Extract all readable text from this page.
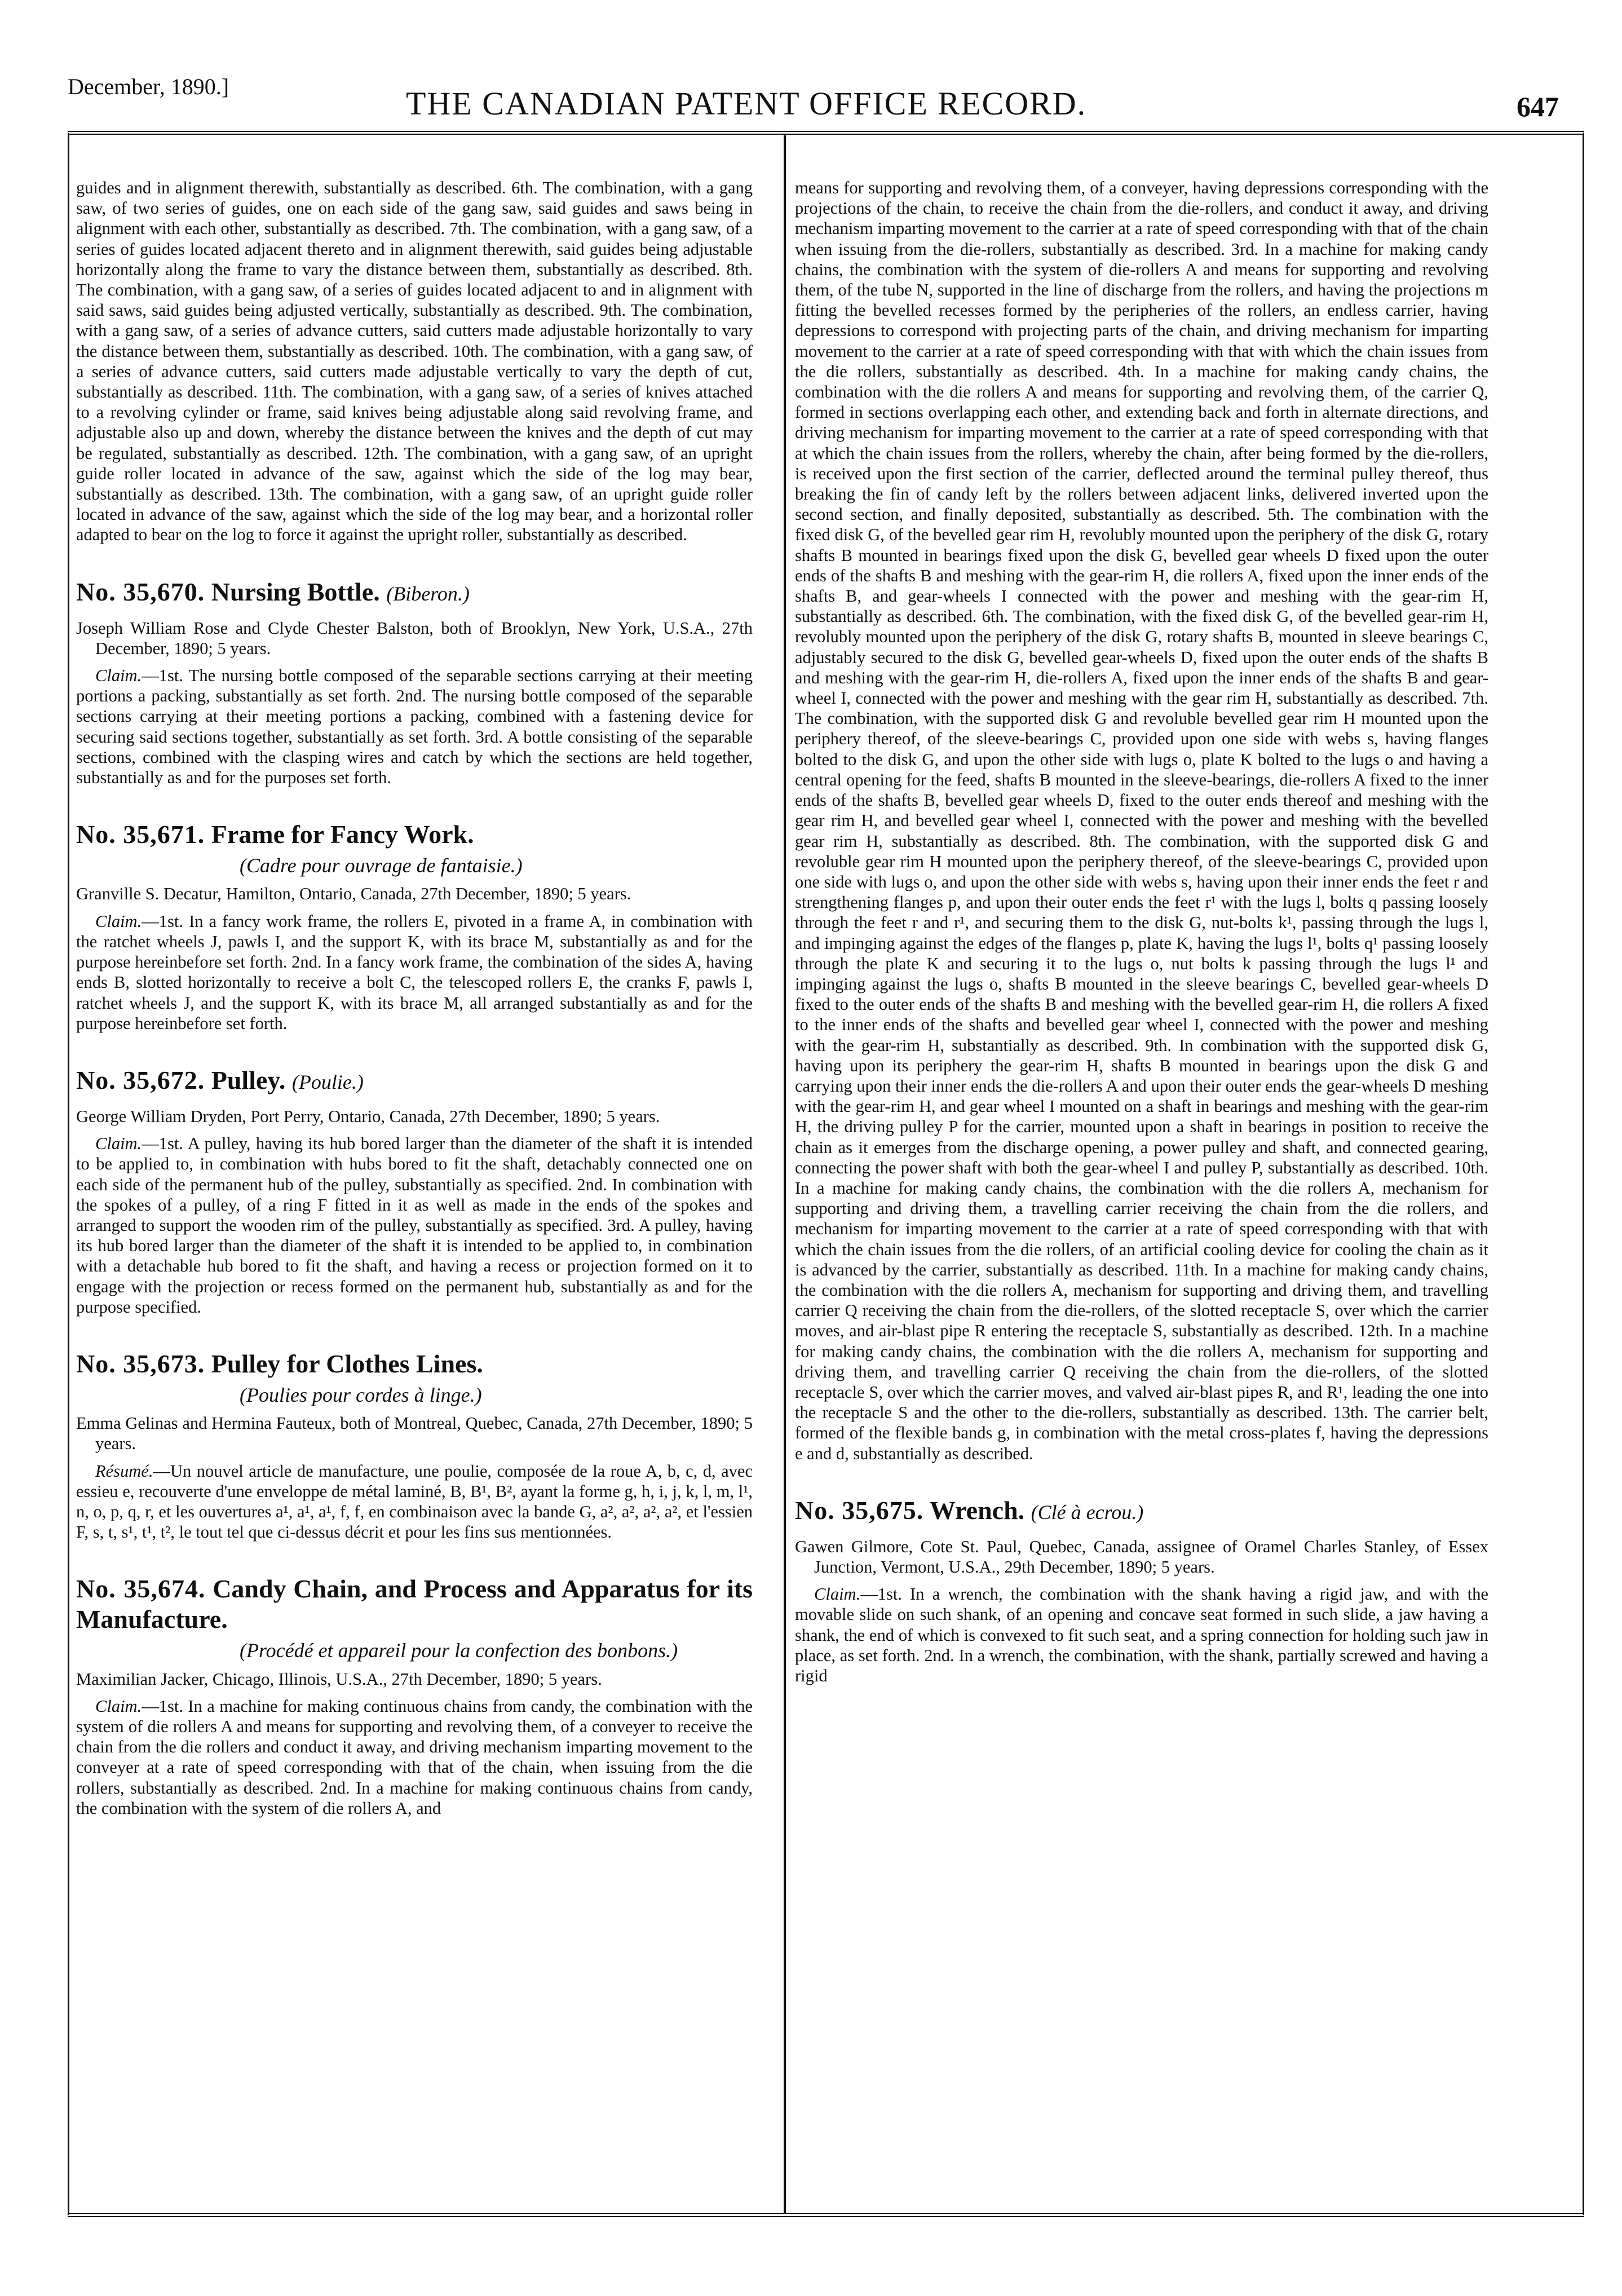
December, 1890.]	THE CANADIAN PATENT OFFICE RECORD.	647

guides and in alignment therewith, substantially as described. 6th. The combination, with a gang saw, of two series of guides, one on each side of the gang saw, said guides and saws being in alignment with each other, substantially as described. 7th. The combination, with a gang saw, of a series of guides located adjacent thereto and in alignment therewith, said guides being adjustable horizontally along the frame to vary the distance between them, substantially as described. 8th. The combination, with a gang saw, of a series of guides located adjacent to and in alignment with said saws, said guides being adjusted vertically, substantially as described. 9th. The combination, with a gang saw, of a series of advance cutters, said cutters made adjustable horizontally to vary the distance between them, substantially as described. 10th. The combination, with a gang saw, of a series of advance cutters, said cutters made adjustable vertically to vary the depth of cut, substantially as described. 11th. The combination, with a gang saw, of a series of knives attached to a revolving cylinder or frame, said knives being adjustable along said revolving frame, and adjustable also up and down, whereby the distance between the knives and the depth of cut may be regulated, substantially as described. 12th. The combination, with a gang saw, of an upright guide roller located in advance of the saw, against which the side of the log may bear, substantially as described. 13th. The combination, with a gang saw, of an upright guide roller located in advance of the saw, against which the side of the log may bear, and a horizontal roller adapted to bear on the log to force it against the upright roller, substantially as described.

No. 35,670. Nursing Bottle. (Biberon.)

Joseph William Rose and Clyde Chester Balston, both of Brooklyn, New York, U.S.A., 27th December, 1890; 5 years.

Claim.—1st. The nursing bottle composed of the separable sections carrying at their meeting portions a packing, substantially as set forth. 2nd. The nursing bottle composed of the separable sections carrying at their meeting portions a packing, combined with a fastening device for securing said sections together, substantially as set forth. 3rd. A bottle consisting of the separable sections, combined with the clasping wires and catch by which the sections are held together, substantially as and for the purposes set forth.

No. 35,671. Frame for Fancy Work.
(Cadre pour ouvrage de fantaisie.)

Granville S. Decatur, Hamilton, Ontario, Canada, 27th December, 1890; 5 years.

Claim.—1st. In a fancy work frame, the rollers E, pivoted in a frame A, in combination with the ratchet wheels J, pawls I, and the support K, with its brace M, substantially as and for the purpose hereinbefore set forth. 2nd. In a fancy work frame, the combination of the sides A, having ends B, slotted horizontally to receive a bolt C, the telescoped rollers E, the cranks F, pawls I, ratchet wheels J, and the support K, with its brace M, all arranged substantially as and for the purpose hereinbefore set forth.

No. 35,672. Pulley. (Poulie.)

George William Dryden, Port Perry, Ontario, Canada, 27th December, 1890; 5 years.

Claim.—1st. A pulley, having its hub bored larger than the diameter of the shaft it is intended to be applied to, in combination with hubs bored to fit the shaft, detachably connected one on each side of the permanent hub of the pulley, substantially as specified. 2nd. In combination with the spokes of a pulley, of a ring F fitted in it as well as made in the ends of the spokes and arranged to support the wooden rim of the pulley, substantially as specified. 3rd. A pulley, having its hub bored larger than the diameter of the shaft it is intended to be applied to, in combination with a detachable hub bored to fit the shaft, and having a recess or projection formed on it to engage with the projection or recess formed on the permanent hub, substantially as and for the purpose specified.

No. 35,673. Pulley for Clothes Lines.
(Poulies pour cordes à linge.)

Emma Gelinas and Hermina Fauteux, both of Montreal, Quebec, Canada, 27th December, 1890; 5 years.

Résumé.—Un nouvel article de manufacture, une poulie, composée de la roue A, b, c, d, avec essieu e, recouverte d'une enveloppe de métal laminé, B, B¹, B², ayant la forme g, h, i, j, k, l, m, l¹, n, o, p, q, r, et les ouvertures a¹, a¹, a¹, f, f, en combinaison avec la bande G, a², a², a², a², et l'essien F, s, t, s¹, t¹, t², le tout tel que ci-dessus décrit et pour les fins sus mentionnées.

No. 35,674. Candy Chain, and Process and Apparatus for its Manufacture.
(Procédé et appareil pour la confection des bonbons.)

Maximilian Jacker, Chicago, Illinois, U.S.A., 27th December, 1890; 5 years.

Claim.—1st. In a machine for making continuous chains from candy, the combination with the system of die rollers A and means for supporting and revolving them, of a conveyer to receive the chain from the die rollers and conduct it away, and driving mechanism imparting movement to the conveyer at a rate of speed corresponding with that of the chain, when issuing from the die rollers, substantially as described. 2nd. In a machine for making continuous chains from candy, the combination with the system of die rollers A, and

means for supporting and revolving them, of a conveyer, having depressions corresponding with the projections of the chain, to receive the chain from the die-rollers, and conduct it away, and driving mechanism imparting movement to the carrier at a rate of speed corresponding with that of the chain when issuing from the die-rollers, substantially as described. 3rd. In a machine for making candy chains, the combination with the system of die-rollers A and means for supporting and revolving them, of the tube N, supported in the line of discharge from the rollers, and having the projections m fitting the bevelled recesses formed by the peripheries of the rollers, an endless carrier, having depressions to correspond with projecting parts of the chain, and driving mechanism for imparting movement to the carrier at a rate of speed corresponding with that with which the chain issues from the die rollers, substantially as described. 4th. In a machine for making candy chains, the combination with the die rollers A and means for supporting and revolving them, of the carrier Q, formed in sections overlapping each other, and extending back and forth in alternate directions, and driving mechanism for imparting movement to the carrier at a rate of speed corresponding with that at which the chain issues from the rollers, whereby the chain, after being formed by the die-rollers, is received upon the first section of the carrier, deflected around the terminal pulley thereof, thus breaking the fin of candy left by the rollers between adjacent links, delivered inverted upon the second section, and finally deposited, substantially as described. 5th. The combination with the fixed disk G, of the bevelled gear rim H, revolubly mounted upon the periphery of the disk G, rotary shafts B mounted in bearings fixed upon the disk G, bevelled gear wheels D fixed upon the outer ends of the shafts B and meshing with the gear-rim H, die rollers A, fixed upon the inner ends of the shafts B, and gear-wheels I connected with the power and meshing with the gear-rim H, substantially as described. 6th. The combination, with the fixed disk G, of the bevelled gear-rim H, revolubly mounted upon the periphery of the disk G, rotary shafts B, mounted in sleeve bearings C, adjustably secured to the disk G, bevelled gear-wheels D, fixed upon the outer ends of the shafts B and meshing with the gear-rim H, die-rollers A, fixed upon the inner ends of the shafts B and gear-wheel I, connected with the power and meshing with the gear rim H, substantially as described. 7th. The combination, with the supported disk G and revoluble bevelled gear rim H mounted upon the periphery thereof, of the sleeve-bearings C, provided upon one side with webs s, having flanges bolted to the disk G, and upon the other side with lugs o, plate K bolted to the lugs o and having a central opening for the feed, shafts B mounted in the sleeve-bearings, die-rollers A fixed to the inner ends of the shafts B, bevelled gear wheels D, fixed to the outer ends thereof and meshing with the gear rim H, and bevelled gear wheel I, connected with the power and meshing with the bevelled gear rim H, substantially as described. 8th. The combination, with the supported disk G and revoluble gear rim H mounted upon the periphery thereof, of the sleeve-bearings C, provided upon one side with lugs o, and upon the other side with webs s, having upon their inner ends the feet r and strengthening flanges p, and upon their outer ends the feet r¹ with the lugs l, bolts q passing loosely through the feet r and r¹, and securing them to the disk G, nut-bolts k¹, passing through the lugs l, and impinging against the edges of the flanges p, plate K, having the lugs l¹, bolts q¹ passing loosely through the plate K and securing it to the lugs o, nut bolts k passing through the lugs l¹ and impinging against the lugs o, shafts B mounted in the sleeve bearings C, bevelled gear-wheels D fixed to the outer ends of the shafts B and meshing with the bevelled gear-rim H, die rollers A fixed to the inner ends of the shafts and bevelled gear wheel I, connected with the power and meshing with the gear-rim H, substantially as described. 9th. In combination with the supported disk G, having upon its periphery the gear-rim H, shafts B mounted in bearings upon the disk G and carrying upon their inner ends the die-rollers A and upon their outer ends the gear-wheels D meshing with the gear-rim H, and gear wheel I mounted on a shaft in bearings and meshing with the gear-rim H, the driving pulley P for the carrier, mounted upon a shaft in bearings in position to receive the chain as it emerges from the discharge opening, a power pulley and shaft, and connected gearing, connecting the power shaft with both the gear-wheel I and pulley P, substantially as described. 10th. In a machine for making candy chains, the combination with the die rollers A, mechanism for supporting and driving them, a travelling carrier receiving the chain from the die rollers, and mechanism for imparting movement to the carrier at a rate of speed corresponding with that with which the chain issues from the die rollers, of an artificial cooling device for cooling the chain as it is advanced by the carrier, substantially as described. 11th. In a machine for making candy chains, the combination with the die rollers A, mechanism for supporting and driving them, and travelling carrier Q receiving the chain from the die-rollers, of the slotted receptacle S, over which the carrier moves, and air-blast pipe R entering the receptacle S, substantially as described. 12th. In a machine for making candy chains, the combination with the die rollers A, mechanism for supporting and driving them, and travelling carrier Q receiving the chain from the die-rollers, of the slotted receptacle S, over which the carrier moves, and valved air-blast pipes R, and R¹, leading the one into the receptacle S and the other to the die-rollers, substantially as described. 13th. The carrier belt, formed of the flexible bands g, in combination with the metal cross-plates f, having the depressions e and d, substantially as described.

No. 35,675. Wrench. (Clé à ecrou.)

Gawen Gilmore, Cote St. Paul, Quebec, Canada, assignee of Oramel Charles Stanley, of Essex Junction, Vermont, U.S.A., 29th December, 1890; 5 years.

Claim.—1st. In a wrench, the combination with the shank having a rigid jaw, and with the movable slide on such shank, of an opening and concave seat formed in such slide, a jaw having a shank, the end of which is convexed to fit such seat, and a spring connection for holding such jaw in place, as set forth. 2nd. In a wrench, the combination, with the shank, partially screwed and having a rigid
